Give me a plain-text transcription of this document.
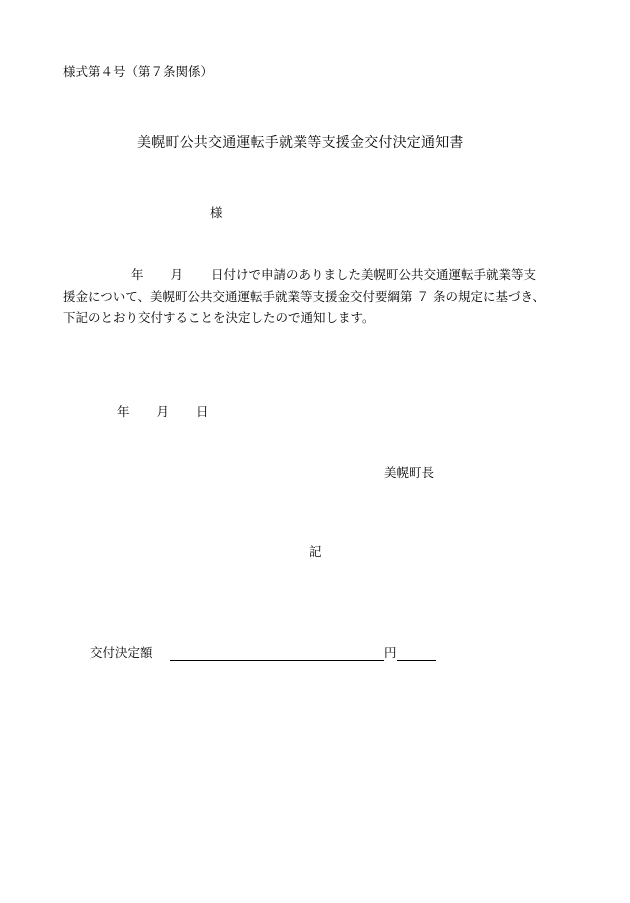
様式第４号（第７条関係）
美幌町公共交通運転手就業等支援金交付決定通知書
様
年 月 日付けで申請のありました美幌町公共交通運転手就業等支
援金について、美幌町公共交通運転手就業等支援金交付要綱第 ７ 条の規定に基づき、
下記のとおり交付することを決定したので通知します。
年 月 日
美幌町長
記
交付決定額	円
